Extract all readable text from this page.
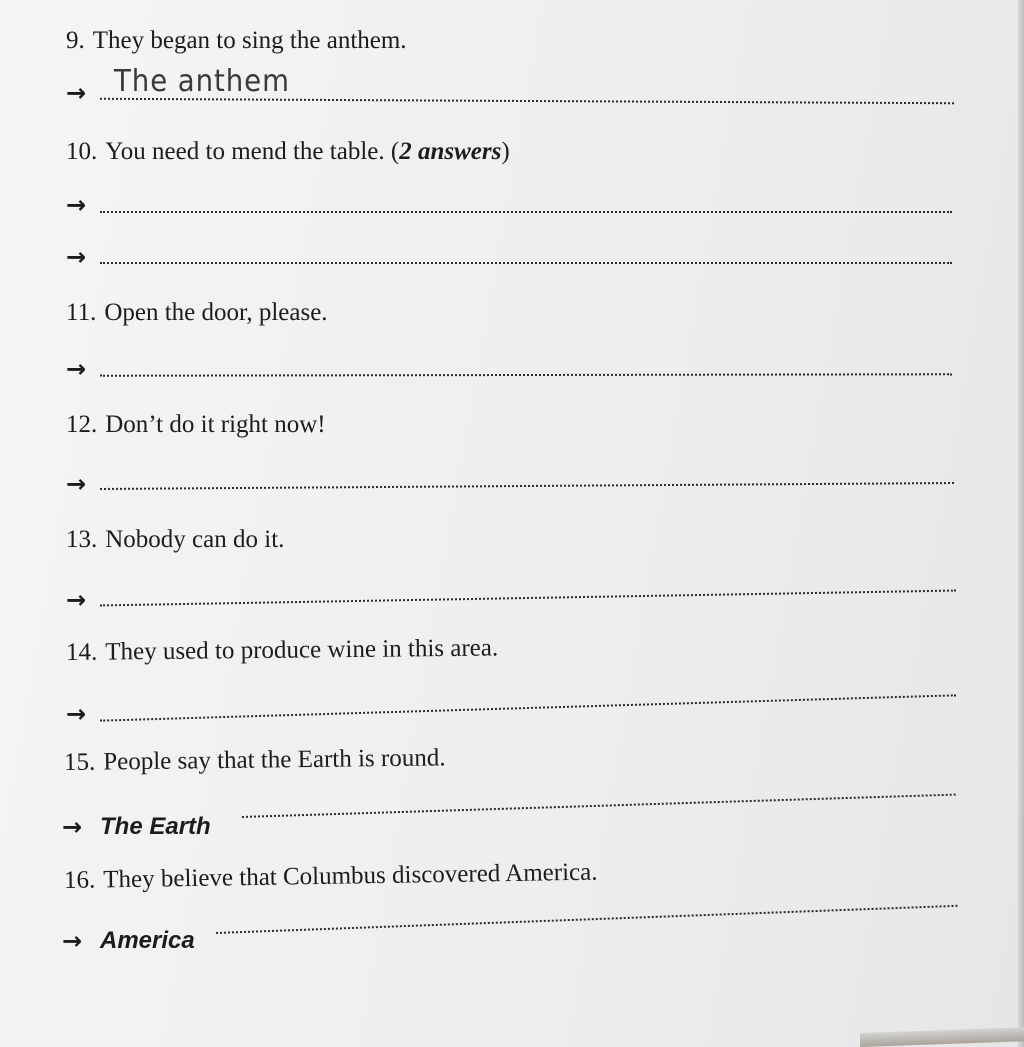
9. They began to sing the anthem.
→ The anthem
10. You need to mend the table. (2 answers)
→
→
11. Open the door, please.
→
12. Don’t do it right now!
→
13. Nobody can do it.
→
14. They used to produce wine in this area.
→
15. People say that the Earth is round.
→ The Earth
16. They believe that Columbus discovered America.
→ America
